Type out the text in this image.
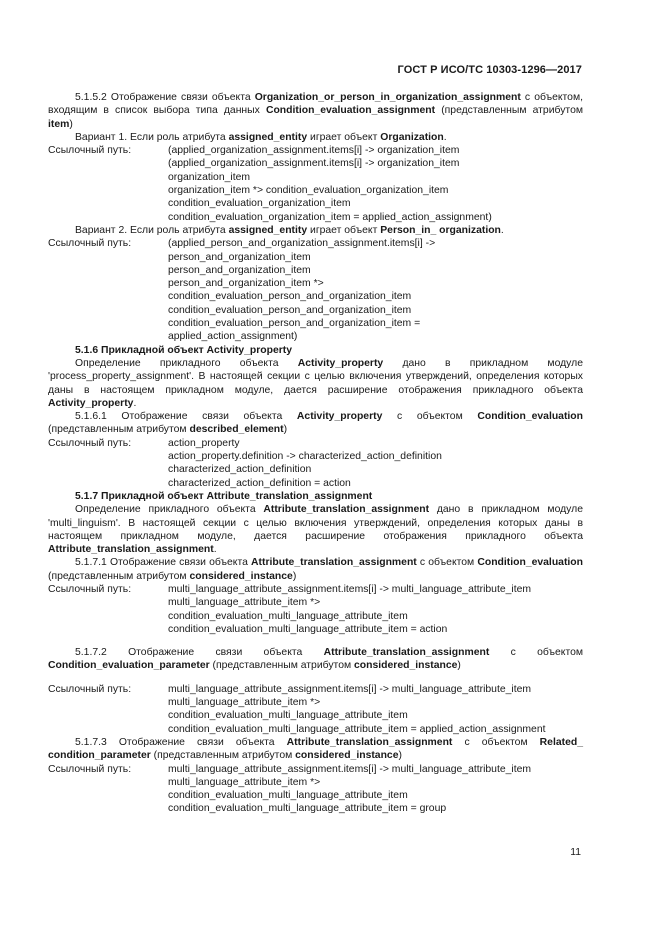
ГОСТ Р ИСО/ТС 10303-1296—2017

5.1.5.2 Отображение связи объекта Organization_or_person_in_organization_assignment с объектом, входящим в список выбора типа данных Condition_evaluation_assignment (представленным атрибутом item)

Вариант 1. Если роль атрибута assigned_entity играет объект Organization.

Ссылочный путь:	(applied_organization_assignment.items[i] -> organization_item
(applied_organization_assignment.items[i] -> organization_item
organization_item
organization_item *> condition_evaluation_organization_item
condition_evaluation_organization_item
condition_evaluation_organization_item = applied_action_assignment)

Вариант 2. Если роль атрибута assigned_entity играет объект Person_in_ organization.

Ссылочный путь:	(applied_person_and_organization_assignment.items[i] ->
person_and_organization_item
person_and_organization_item
person_and_organization_item *>
condition_evaluation_person_and_organization_item
condition_evaluation_person_and_organization_item
condition_evaluation_person_and_organization_item =
applied_action_assignment)

5.1.6 Прикладной объект Activity_property

Определение прикладного объекта Activity_property дано в прикладном модуле 'process_property_assignment'. В настоящей секции с целью включения утверждений, определения которых даны в настоящем прикладном модуле, дается расширение отображения прикладного объекта Activity_property.

5.1.6.1 Отображение связи объекта Activity_property с объектом Condition_evaluation (представленным атрибутом described_element)

Ссылочный путь:	action_property
action_property.definition -> characterized_action_definition
characterized_action_definition
characterized_action_definition = action

5.1.7 Прикладной объект Attribute_translation_assignment

Определение прикладного объекта Attribute_translation_assignment дано в прикладном модуле 'multi_linguism'. В настоящей секции с целью включения утверждений, определения которых даны в настоящем прикладном модуле, дается расширение отображения прикладного объекта Attribute_translation_assignment.

5.1.7.1 Отображение связи объекта Attribute_translation_assignment с объектом Condition_evaluation (представленным атрибутом considered_instance)

Ссылочный путь:	multi_language_attribute_assignment.items[i] -> multi_language_attribute_item
multi_language_attribute_item *>
condition_evaluation_multi_language_attribute_item
condition_evaluation_multi_language_attribute_item = action

5.1.7.2 Отображение связи объекта Attribute_translation_assignment с объектом Condition_evaluation_parameter (представленным атрибутом considered_instance)

Ссылочный путь:	multi_language_attribute_assignment.items[i] -> multi_language_attribute_item
multi_language_attribute_item *>
condition_evaluation_multi_language_attribute_item
condition_evaluation_multi_language_attribute_item = applied_action_assignment

5.1.7.3 Отображение связи объекта Attribute_translation_assignment с объектом Related_ condition_parameter (представленным атрибутом considered_instance)

Ссылочный путь:	multi_language_attribute_assignment.items[i] -> multi_language_attribute_item
multi_language_attribute_item *>
condition_evaluation_multi_language_attribute_item
condition_evaluation_multi_language_attribute_item = group
11
